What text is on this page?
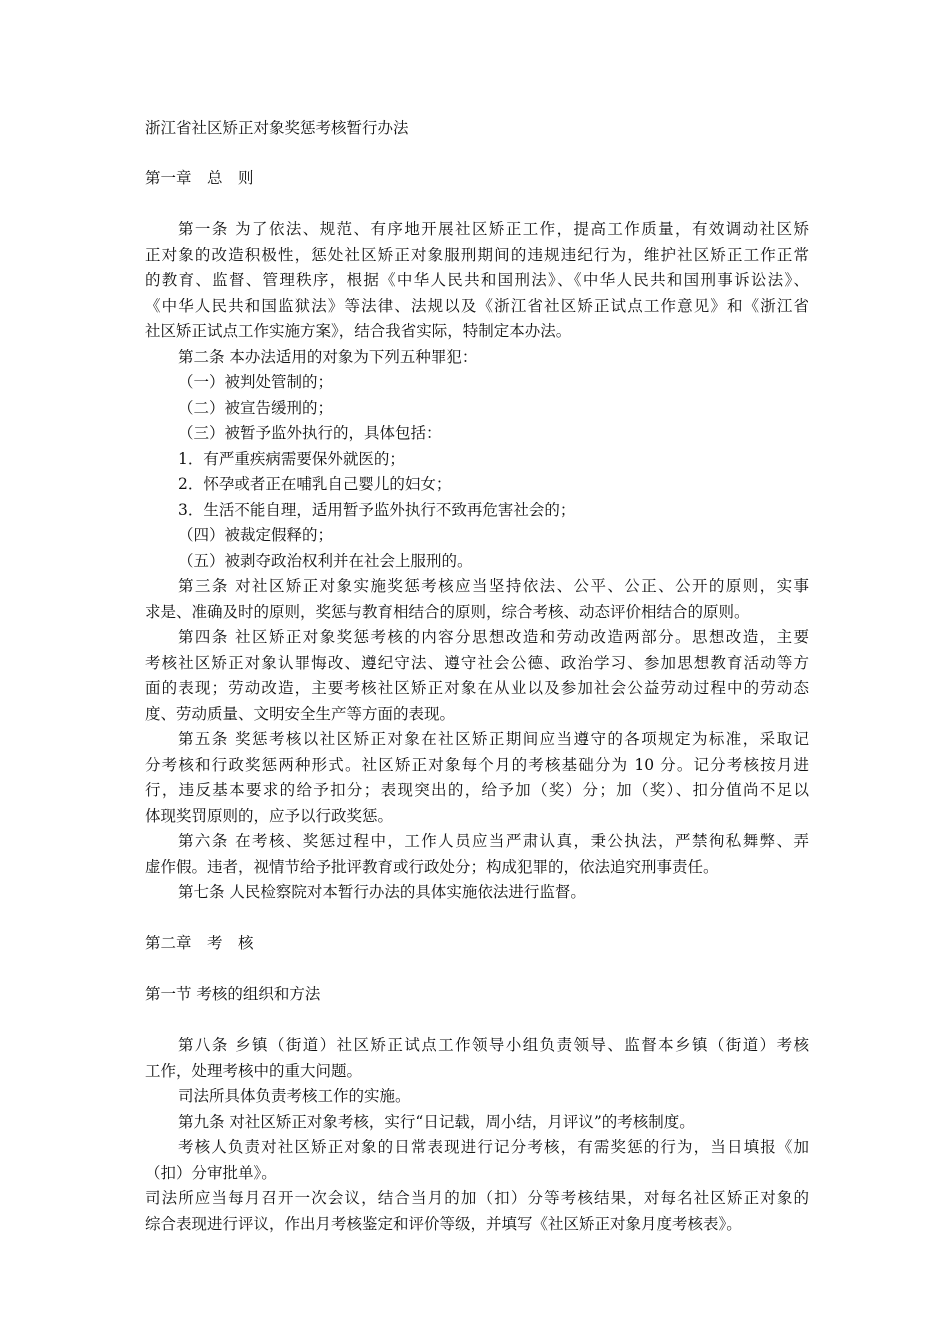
浙江省社区矫正对象奖惩考核暂行办法
第一章　总　则
第一条 为了依法、规范、有序地开展社区矫正工作，提高工作质量，有效调动社区矫
正对象的改造积极性，惩处社区矫正对象服刑期间的违规违纪行为，维护社区矫正工作正常
的教育、监督、管理秩序，根据《中华人民共和国刑法》、《中华人民共和国刑事诉讼法》、
《中华人民共和国监狱法》等法律、法规以及《浙江省社区矫正试点工作意见》和《浙江省
社区矫正试点工作实施方案》，结合我省实际，特制定本办法。
第二条 本办法适用的对象为下列五种罪犯：
（一）被判处管制的；
（二）被宣告缓刑的；
（三）被暂予监外执行的，具体包括：
1．有严重疾病需要保外就医的；
2．怀孕或者正在哺乳自己婴儿的妇女；
3．生活不能自理，适用暂予监外执行不致再危害社会的；
（四）被裁定假释的；
（五）被剥夺政治权利并在社会上服刑的。
第三条 对社区矫正对象实施奖惩考核应当坚持依法、公平、公正、公开的原则，实事
求是、准确及时的原则，奖惩与教育相结合的原则，综合考核、动态评价相结合的原则。
第四条 社区矫正对象奖惩考核的内容分思想改造和劳动改造两部分。思想改造，主要
考核社区矫正对象认罪悔改、遵纪守法、遵守社会公德、政治学习、参加思想教育活动等方
面的表现；劳动改造，主要考核社区矫正对象在从业以及参加社会公益劳动过程中的劳动态
度、劳动质量、文明安全生产等方面的表现。
第五条 奖惩考核以社区矫正对象在社区矫正期间应当遵守的各项规定为标准，采取记
分考核和行政奖惩两种形式。社区矫正对象每个月的考核基础分为 10 分。记分考核按月进
行，违反基本要求的给予扣分；表现突出的，给予加（奖）分；加（奖）、扣分值尚不足以
体现奖罚原则的，应予以行政奖惩。
第六条 在考核、奖惩过程中，工作人员应当严肃认真，秉公执法，严禁徇私舞弊、弄
虚作假。违者，视情节给予批评教育或行政处分；构成犯罪的，依法追究刑事责任。
第七条 人民检察院对本暂行办法的具体实施依法进行监督。
第二章　考　核
第一节 考核的组织和方法
第八条 乡镇（街道）社区矫正试点工作领导小组负责领导、监督本乡镇（街道）考核
工作，处理考核中的重大问题。
司法所具体负责考核工作的实施。
第九条 对社区矫正对象考核，实行“日记载，周小结，月评议”的考核制度。
考核人负责对社区矫正对象的日常表现进行记分考核，有需奖惩的行为，当日填报《加
（扣）分审批单》。
司法所应当每月召开一次会议，结合当月的加（扣）分等考核结果，对每名社区矫正对象的
综合表现进行评议，作出月考核鉴定和评价等级，并填写《社区矫正对象月度考核表》。
